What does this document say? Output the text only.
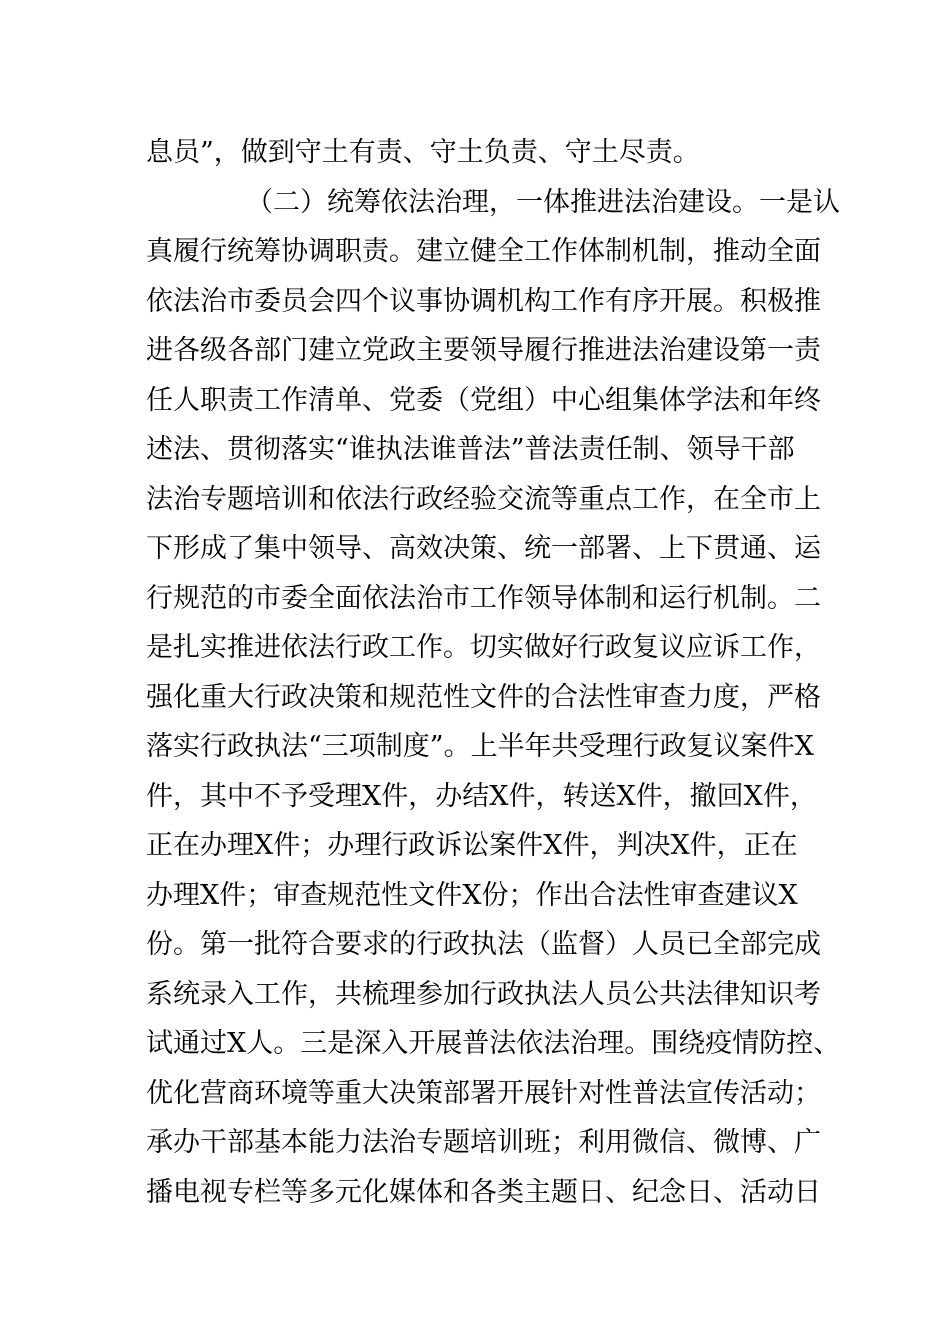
息员”，做到守土有责、守土负责、守土尽责。
（二）统筹依法治理，一体推进法治建设。一是认
真履行统筹协调职责。建立健全工作体制机制，推动全面
依法治市委员会四个议事协调机构工作有序开展。积极推
进各级各部门建立党政主要领导履行推进法治建设第一责
任人职责工作清单、党委（党组）中心组集体学法和年终
述法、贯彻落实“谁执法谁普法”普法责任制、领导干部
法治专题培训和依法行政经验交流等重点工作，在全市上
下形成了集中领导、高效决策、统一部署、上下贯通、运
行规范的市委全面依法治市工作领导体制和运行机制。二
是扎实推进依法行政工作。切实做好行政复议应诉工作，
强化重大行政决策和规范性文件的合法性审查力度，严格
落实行政执法“三项制度”。上半年共受理行政复议案件X
件，其中不予受理X件，办结X件，转送X件，撤回X件，
正在办理X件；办理行政诉讼案件X件，判决X件，正在
办理X件；审查规范性文件X份；作出合法性审查建议X
份。第一批符合要求的行政执法（监督）人员已全部完成
系统录入工作，共梳理参加行政执法人员公共法律知识考
试通过X人。三是深入开展普法依法治理。围绕疫情防控、
优化营商环境等重大决策部署开展针对性普法宣传活动；
承办干部基本能力法治专题培训班；利用微信、微博、广
播电视专栏等多元化媒体和各类主题日、纪念日、活动日
